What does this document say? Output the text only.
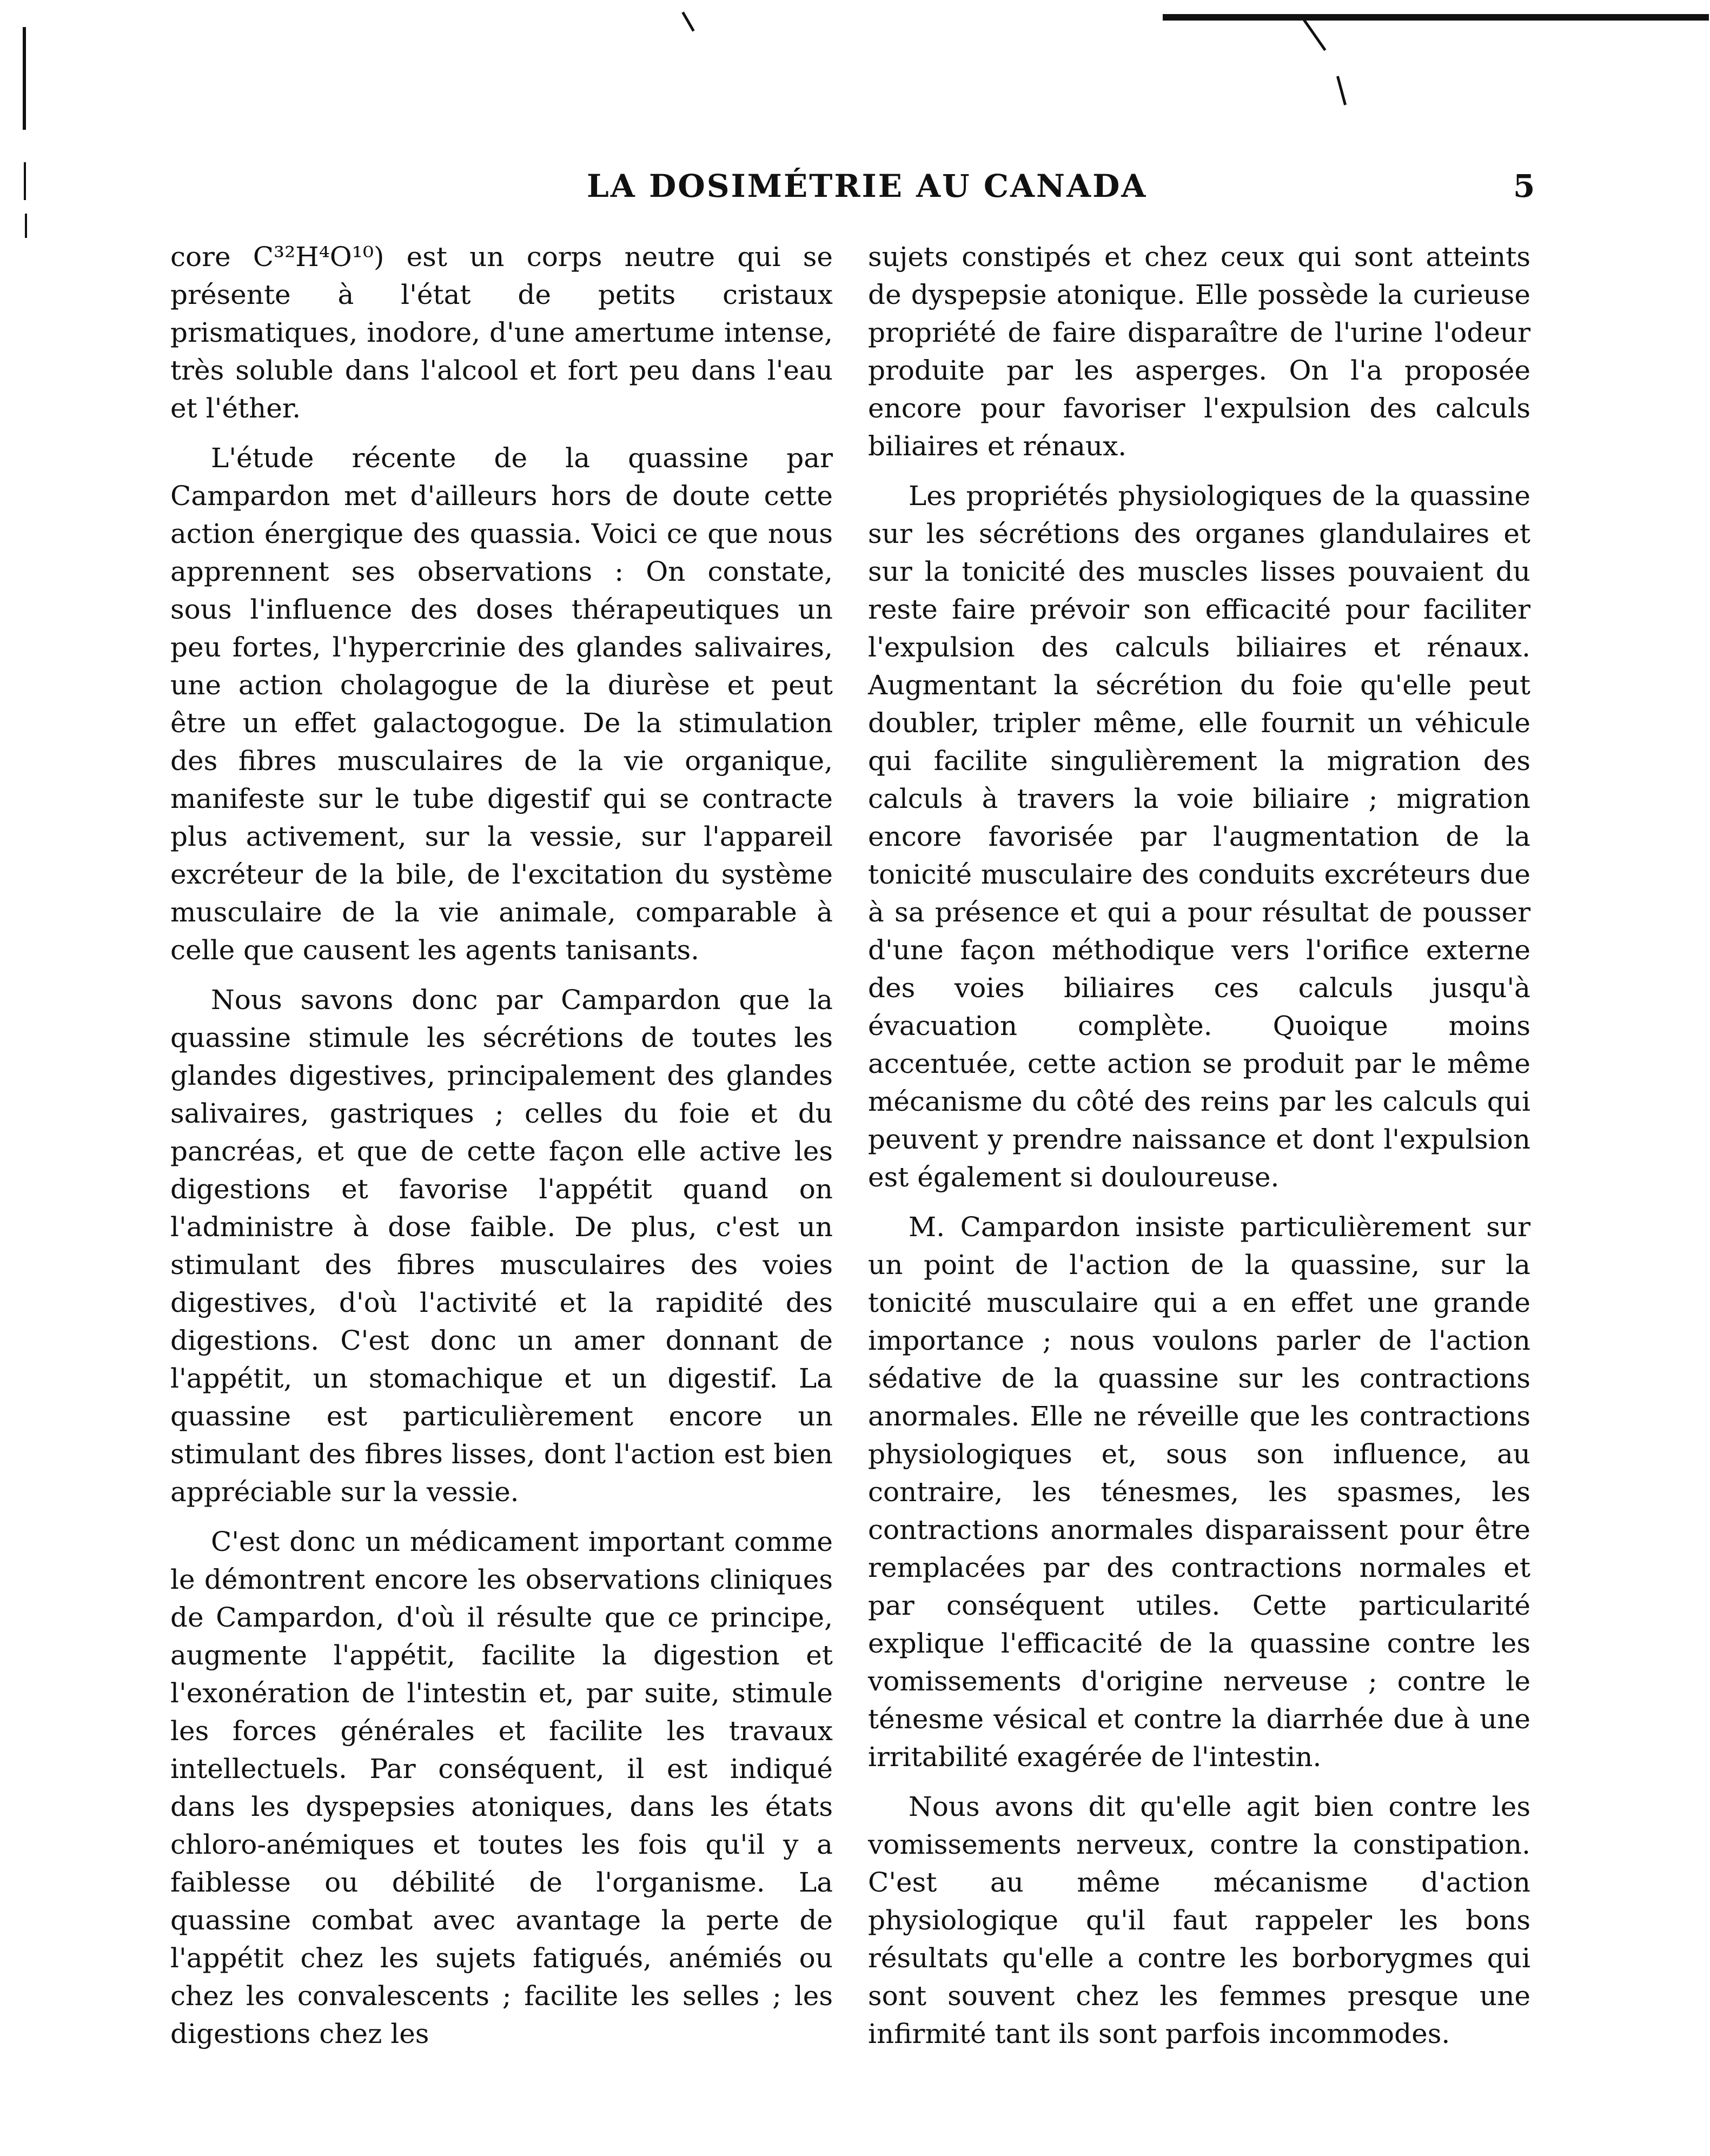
LA DOSIMÉTRIE AU CANADA	5

core C³²H⁴O¹⁰) est un corps neutre qui se présente à l'état de petits cristaux prismatiques, inodore, d'une amertume intense, très soluble dans l'alcool et fort peu dans l'eau et l'éther.

L'étude récente de la quassine par Campardon met d'ailleurs hors de doute cette action énergique des quassia. Voici ce que nous apprennent ses observations : On constate, sous l'influence des doses thérapeutiques un peu fortes, l'hypercrinie des glandes salivaires, une action cholagogue de la diurèse et peut être un effet galactogogue. De la stimulation des fibres musculaires de la vie organique, manifeste sur le tube digestif qui se contracte plus activement, sur la vessie, sur l'appareil excréteur de la bile, de l'excitation du système musculaire de la vie animale, comparable à celle que causent les agents tanisants.

Nous savons donc par Campardon que la quassine stimule les sécrétions de toutes les glandes digestives, principalement des glandes salivaires, gastriques ; celles du foie et du pancréas, et que de cette façon elle active les digestions et favorise l'appétit quand on l'administre à dose faible. De plus, c'est un stimulant des fibres musculaires des voies digestives, d'où l'activité et la rapidité des digestions. C'est donc un amer donnant de l'appétit, un stomachique et un digestif. La quassine est particulièrement encore un stimulant des fibres lisses, dont l'action est bien appréciable sur la vessie.

C'est donc un médicament important comme le démontrent encore les observations cliniques de Campardon, d'où il résulte que ce principe, augmente l'appétit, facilite la digestion et l'exonération de l'intestin et, par suite, stimule les forces générales et facilite les travaux intellectuels. Par conséquent, il est indiqué dans les dyspepsies atoniques, dans les états chloro-anémiques et toutes les fois qu'il y a faiblesse ou débilité de l'organisme. La quassine combat avec avantage la perte de l'appétit chez les sujets fatigués, anémiés ou chez les convalescents ; facilite les selles ; les digestions chez les

sujets constipés et chez ceux qui sont atteints de dyspepsie atonique. Elle possède la curieuse propriété de faire disparaître de l'urine l'odeur produite par les asperges. On l'a proposée encore pour favoriser l'expulsion des calculs biliaires et rénaux.

Les propriétés physiologiques de la quassine sur les sécrétions des organes glandulaires et sur la tonicité des muscles lisses pouvaient du reste faire prévoir son efficacité pour faciliter l'expulsion des calculs biliaires et rénaux. Augmentant la sécrétion du foie qu'elle peut doubler, tripler même, elle fournit un véhicule qui facilite singulièrement la migration des calculs à travers la voie biliaire ; migration encore favorisée par l'augmentation de la tonicité musculaire des conduits excréteurs due à sa présence et qui a pour résultat de pousser d'une façon méthodique vers l'orifice externe des voies biliaires ces calculs jusqu'à évacuation complète. Quoique moins accentuée, cette action se produit par le même mécanisme du côté des reins par les calculs qui peuvent y prendre naissance et dont l'expulsion est également si douloureuse.

M. Campardon insiste particulièrement sur un point de l'action de la quassine, sur la tonicité musculaire qui a en effet une grande importance ; nous voulons parler de l'action sédative de la quassine sur les contractions anormales. Elle ne réveille que les contractions physiologiques et, sous son influence, au contraire, les ténesmes, les spasmes, les contractions anormales disparaissent pour être remplacées par des contractions normales et par conséquent utiles. Cette particularité explique l'efficacité de la quassine contre les vomissements d'origine nerveuse ; contre le ténesme vésical et contre la diarrhée due à une irritabilité exagérée de l'intestin.

Nous avons dit qu'elle agit bien contre les vomissements nerveux, contre la constipation. C'est au même mécanisme d'action physiologique qu'il faut rappeler les bons résultats qu'elle a contre les borborygmes qui sont souvent chez les femmes presque une infirmité tant ils sont parfois incommodes.
